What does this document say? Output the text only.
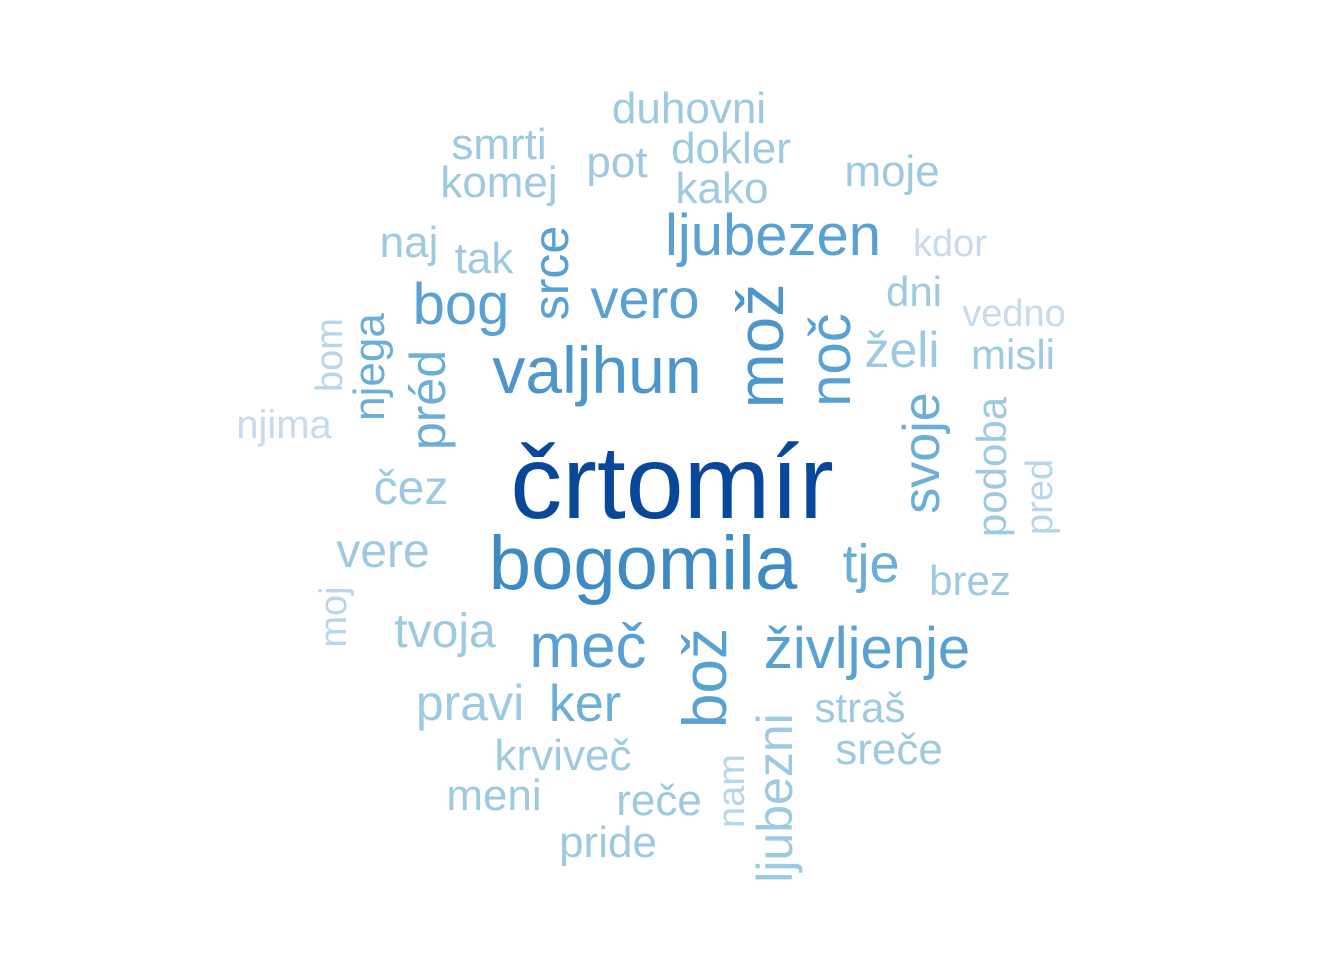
črtomír
bogomila
valjhun mož
ljubezen
bog srce vero
noč
meč bož življenje
svoje
tje
ker
préd
njega	želi misli
vere
čez
tvoja
pravi
ljubezni
duhovni
smrti
komej pot dokler
kako moje
naj tak
dni
podoba
brez
straš
sreče
krviveč
meni reče
pride
nam
moj
pred
bom
kdor
vedno
njima
